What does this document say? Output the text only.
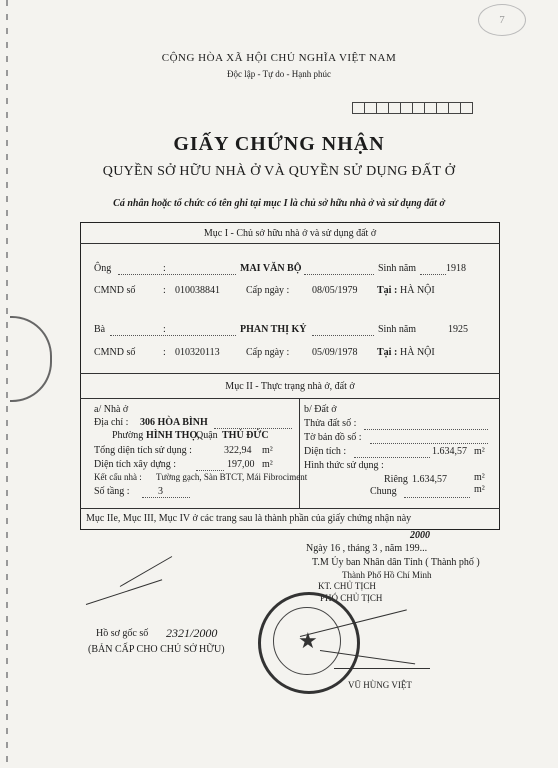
7
CỘNG HÒA XÃ HỘI CHỦ NGHĨA VIỆT NAM
Độc lập - Tự do - Hạnh phúc
GIẤY CHỨNG NHẬN
QUYỀN SỞ HỮU NHÀ Ở VÀ QUYỀN SỬ DỤNG ĐẤT Ở
Cá nhân hoặc tổ chức có tên ghi tại mục I là chủ sở hữu nhà ở và sử dụng đất ở
Mục I - Chủ sở hữu nhà ở và sử dụng đất ở
Ông	:	MAI VĂN BỘ	Sinh năm	1918
CMND số	: 010038841	Cấp ngày : 08/05/1979 Tại : HÀ NỘI
Bà	:	PHAN THỊ KỶ	Sinh năm	1925
CMND số	: 010320113	Cấp ngày : 05/09/1978 Tại : HÀ NỘI
Mục II - Thực trạng nhà ở, đất ở
a/ Nhà ở
Địa chỉ : 306 HÒA BÌNH
Phường HÌNH THỌ,
Quận THỦ ĐỨC
Tổng diện tích sử dụng :	322,94 m²
Diện tích xây dựng :	197,00 m²
Kết cấu nhà : Tường gạch, Sàn BTCT, Mái Fibrociment
Số tầng :	3
b/ Đất ở
Thửa đất số :
Tờ bản đồ số :
Diện tích :	1.634,57 m²
Hình thức sử dụng :
Riêng 1.634,57	m²
Chung	m²
Mục IIe, Mục III, Mục IV ở các trang sau là thành phần của giấy chứng nhận này
2000
Ngày 16 , tháng 3 , năm 199...
T.M Ủy ban Nhân dân Tỉnh ( Thành phố )
Thành Phố Hồ Chí Minh
KT. CHỦ TỊCH
PHÓ CHỦ TỊCH
★
VŨ HÙNG VIỆT
Hồ sơ gốc số 2321/2000
(BẢN CẤP CHO CHỦ SỞ HỮU)
